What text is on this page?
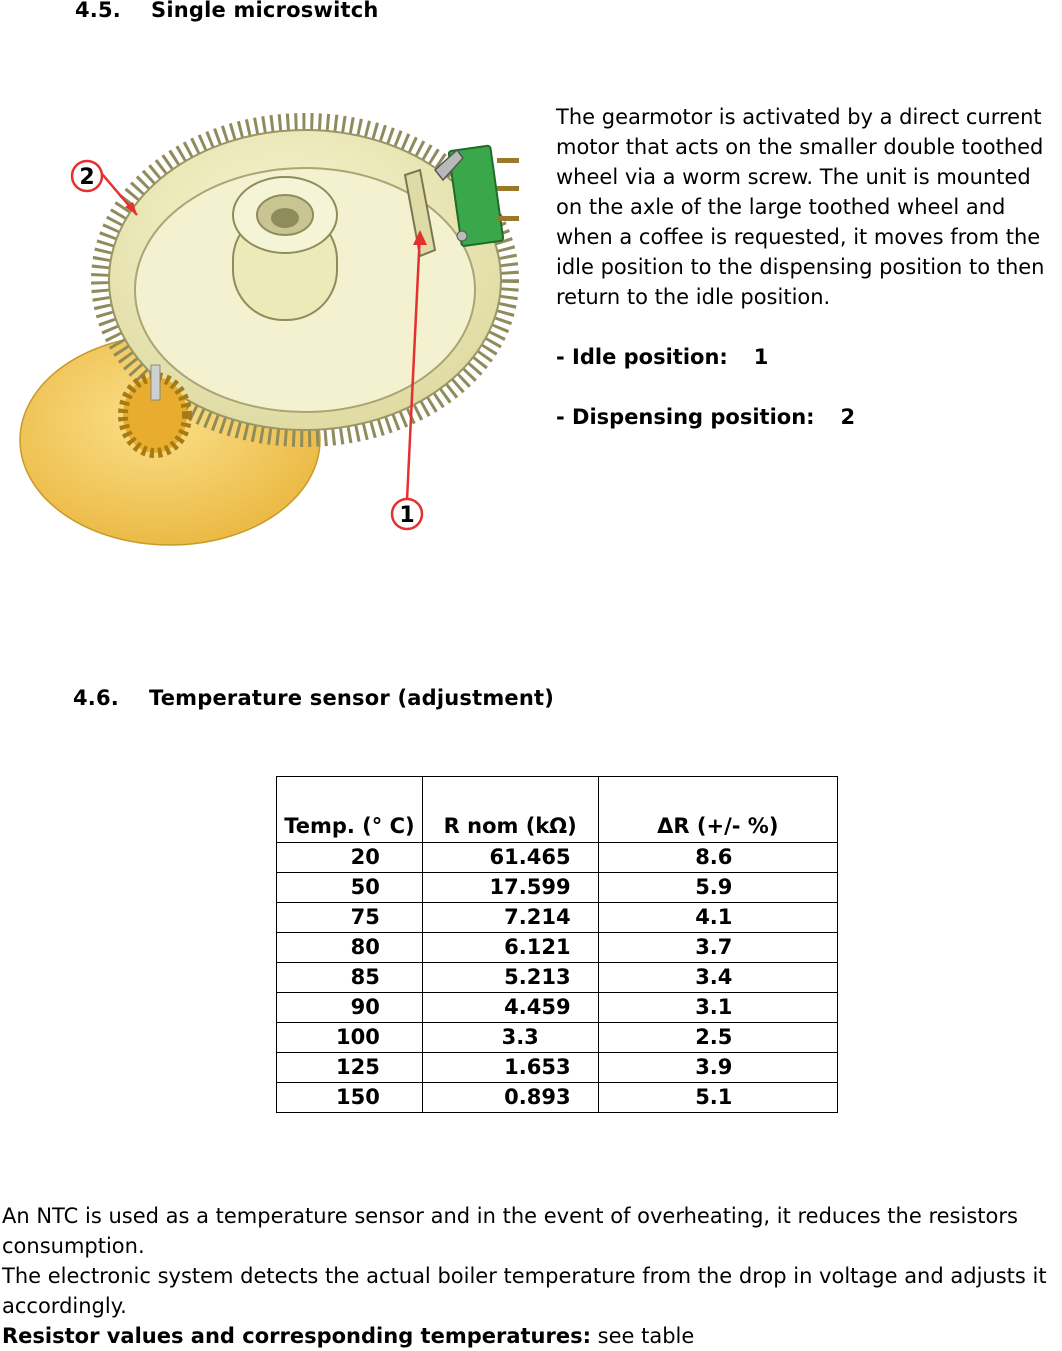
4.5. Single microswitch
2
1

The gearmotor is activated by a direct current motor that acts on the smaller double toothed wheel via a worm screw. The unit is mounted on the axle of the large toothed wheel and when a coffee is requested, it moves from the idle position to the dispensing position to then return to the idle position.

- Idle position: 1

- Dispensing position: 2

4.6. Temperature sensor (adjustment)
Temp. (° C)	R nom (kΩ)	ΔR (+/- %)
20	61.465	8.6
50	17.599	5.9
75	7.214	4.1
80	6.121	3.7
85	5.213	3.4
90	4.459	3.1
100	3.3	2.5
125	1.653	3.9
150	0.893	5.1

An NTC is used as a temperature sensor and in the event of overheating, it reduces the resistors consumption.

The electronic system detects the actual boiler temperature from the drop in voltage and adjusts it accordingly.

Resistor values and corresponding temperatures: see table
